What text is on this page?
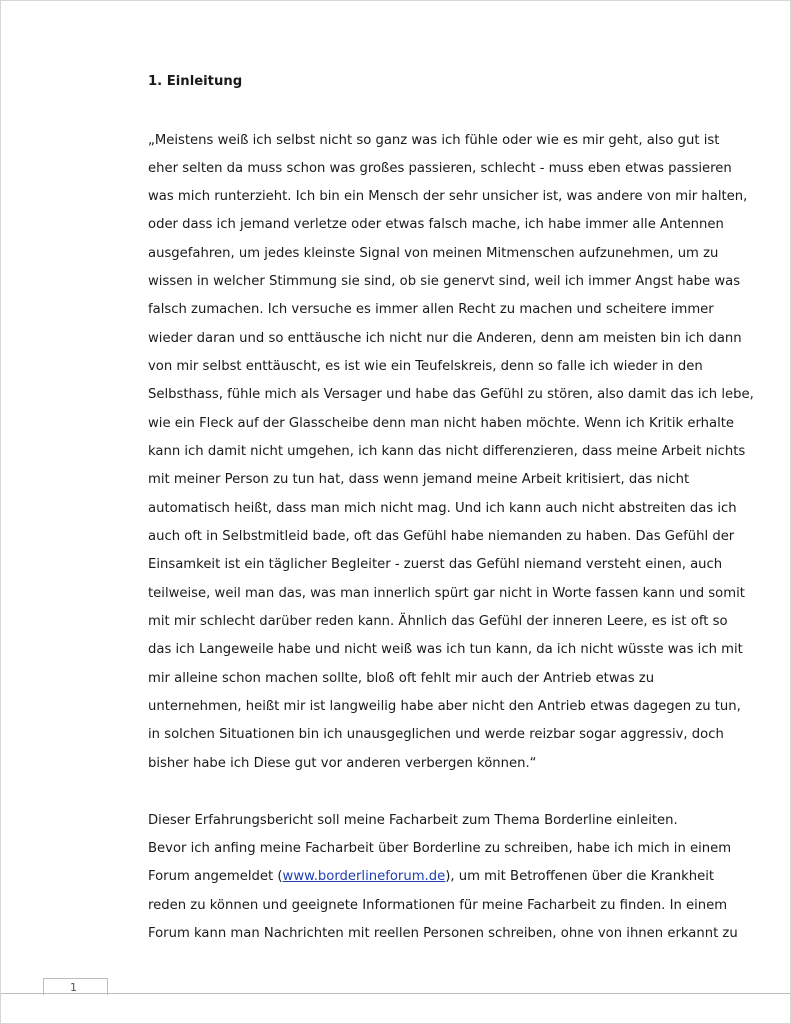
1. Einleitung
„Meistens weiß ich selbst nicht so ganz was ich fühle oder wie es mir geht, also gut ist
eher selten da muss schon was großes passieren, schlecht - muss eben etwas passieren
was mich runterzieht. Ich bin ein Mensch der sehr unsicher ist, was andere von mir halten,
oder dass ich jemand verletze oder etwas falsch mache, ich habe immer alle Antennen
ausgefahren, um jedes kleinste Signal von meinen Mitmenschen aufzunehmen, um zu
wissen in welcher Stimmung sie sind, ob sie genervt sind, weil ich immer Angst habe was
falsch zumachen. Ich versuche es immer allen Recht zu machen und scheitere immer
wieder daran und so enttäusche ich nicht nur die Anderen, denn am meisten bin ich dann
von mir selbst enttäuscht, es ist wie ein Teufelskreis, denn so falle ich wieder in den
Selbsthass, fühle mich als Versager und habe das Gefühl zu stören, also damit das ich lebe,
wie ein Fleck auf der Glasscheibe denn man nicht haben möchte. Wenn ich Kritik erhalte
kann ich damit nicht umgehen, ich kann das nicht differenzieren, dass meine Arbeit nichts
mit meiner Person zu tun hat, dass wenn jemand meine Arbeit kritisiert, das nicht
automatisch heißt, dass man mich nicht mag. Und ich kann auch nicht abstreiten das ich
auch oft in Selbstmitleid bade, oft das Gefühl habe niemanden zu haben. Das Gefühl der
Einsamkeit ist ein täglicher Begleiter - zuerst das Gefühl niemand versteht einen, auch
teilweise, weil man das, was man innerlich spürt gar nicht in Worte fassen kann und somit
mit mir schlecht darüber reden kann. Ähnlich das Gefühl der inneren Leere, es ist oft so
das ich Langeweile habe und nicht weiß was ich tun kann, da ich nicht wüsste was ich mit
mir alleine schon machen sollte, bloß oft fehlt mir auch der Antrieb etwas zu
unternehmen, heißt mir ist langweilig habe aber nicht den Antrieb etwas dagegen zu tun,
in solchen Situationen bin ich unausgeglichen und werde reizbar sogar aggressiv, doch
bisher habe ich Diese gut vor anderen verbergen können.“
Dieser Erfahrungsbericht soll meine Facharbeit zum Thema Borderline einleiten.
Bevor ich anfing meine Facharbeit über Borderline zu schreiben, habe ich mich in einem
Forum angemeldet (www.borderlineforum.de), um mit Betroffenen über die Krankheit
reden zu können und geeignete Informationen für meine Facharbeit zu finden. In einem
Forum kann man Nachrichten mit reellen Personen schreiben, ohne von ihnen erkannt zu
1
